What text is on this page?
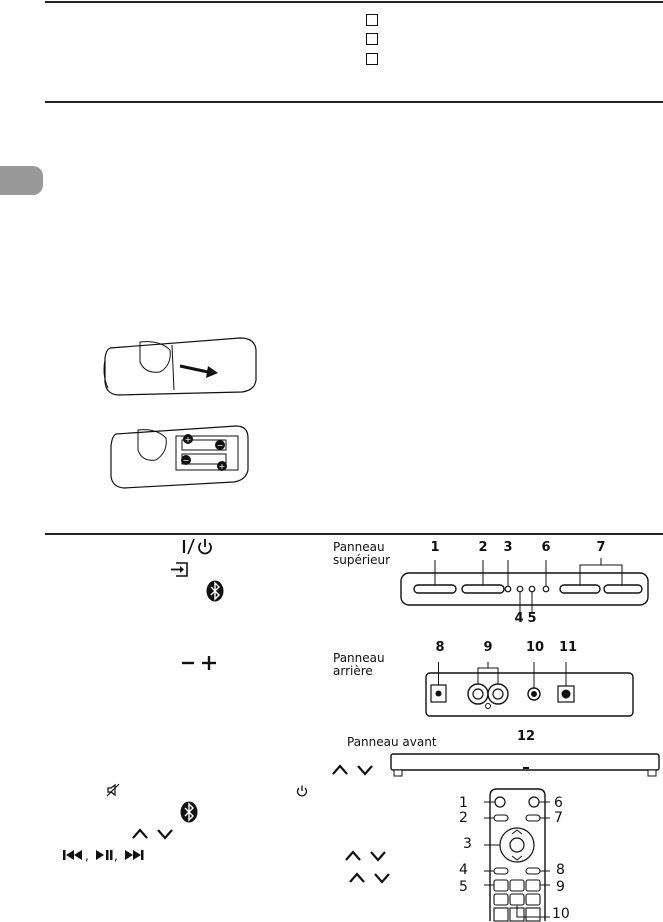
+
−
−
+
Panneau
supérieur
1	2	3	6	7
4 5
Panneau
arrière
8	9	10 11
Panneau avant	12
, ,
1
2
3
4
5
6
7
8
9
10
